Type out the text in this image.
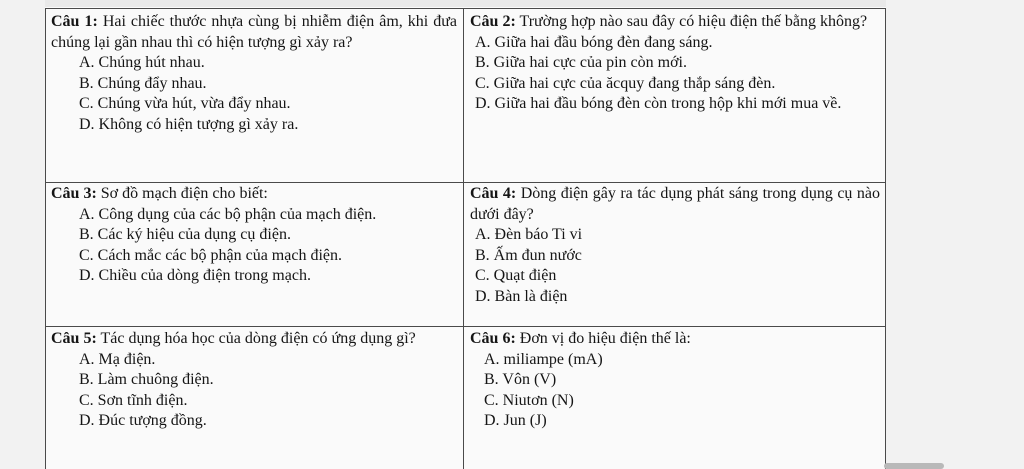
Câu 1: Hai chiếc thước nhựa cùng bị nhiễm điện âm, khi đưa chúng lại gần nhau thì có hiện tượng gì xảy ra?

A. Chúng hút nhau.

B. Chúng đẩy nhau.

C. Chúng vừa hút, vừa đẩy nhau.

D. Không có hiện tượng gì xảy ra.

Câu 2: Trường hợp nào sau đây có hiệu điện thế bằng không?

A. Giữa hai đầu bóng đèn đang sáng.

B. Giữa hai cực của pin còn mới.

C. Giữa hai cực của ăcquy đang thắp sáng đèn.

D. Giữa hai đầu bóng đèn còn trong hộp khi mới mua về.

Câu 3: Sơ đồ mạch điện cho biết:

A. Công dụng của các bộ phận của mạch điện.

B. Các ký hiệu của dụng cụ điện.

C. Cách mắc các bộ phận của mạch điện.

D. Chiều của dòng điện trong mạch.

Câu 4: Dòng điện gây ra tác dụng phát sáng trong dụng cụ nào dưới đây?

A. Đèn báo Ti vi

B. Ấm đun nước

C. Quạt điện

D. Bàn là điện

Câu 5: Tác dụng hóa học của dòng điện có ứng dụng gì?

A. Mạ điện.

B. Làm chuông điện.

C. Sơn tĩnh điện.

D. Đúc tượng đồng.

Câu 6: Đơn vị đo hiệu điện thế là:

A. miliampe (mA)

B. Vôn (V)

C. Niutơn (N)

D. Jun (J)
